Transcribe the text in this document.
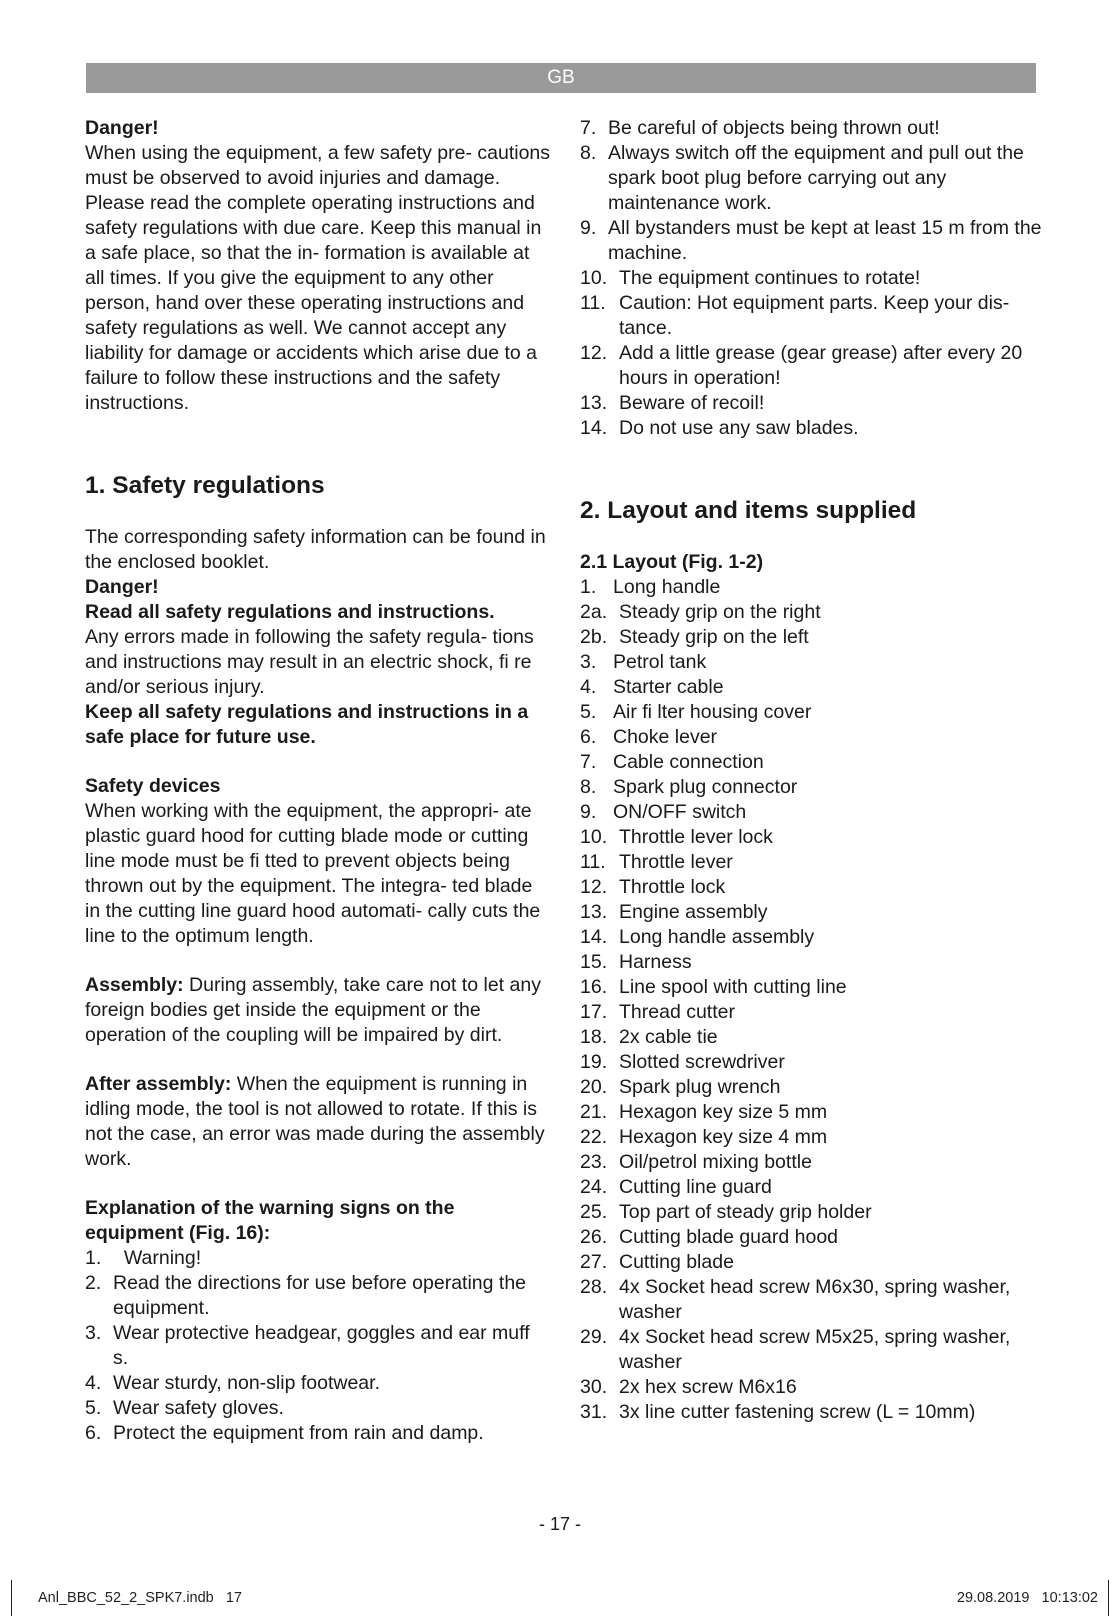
GB

Danger!

When using the equipment, a few safety pre- cautions must be observed to avoid injuries and damage. Please read the complete operating instructions and safety regulations with due care. Keep this manual in a safe place, so that the in- formation is available at all times. If you give the equipment to any other person, hand over these operating instructions and safety regulations as well. We cannot accept any liability for damage or accidents which arise due to a failure to follow these instructions and the safety instructions.

1. Safety regulations

The corresponding safety information can be found in the enclosed booklet.

Danger!

Read all safety regulations and instructions.

Any errors made in following the safety regula- tions and instructions may result in an electric shock, fi re and/or serious injury.

Keep all safety regulations and instructions in a safe place for future use.

Safety devices

When working with the equipment, the appropri- ate plastic guard hood for cutting blade mode or cutting line mode must be fi tted to prevent objects being thrown out by the equipment. The integra- ted blade in the cutting line guard hood automati- cally cuts the line to the optimum length.

Assembly: During assembly, take care not to let any foreign bodies get inside the equipment or the operation of the coupling will be impaired by dirt.

After assembly: When the equipment is running in idling mode, the tool is not allowed to rotate. If this is not the case, an error was made during the assembly work.

Explanation of the warning signs on the equipment (Fig. 16):

1. Warning!
2. Read the directions for use before operating the equipment.
3. Wear protective headgear, goggles and ear muff s.
4. Wear sturdy, non-slip footwear.
5. Wear safety gloves.
6. Protect the equipment from rain and damp.
7. Be careful of objects being thrown out!
8. Always switch off the equipment and pull out the spark boot plug before carrying out any maintenance work.
9. All bystanders must be kept at least 15 m from the machine.
10. The equipment continues to rotate!
11. Caution: Hot equipment parts. Keep your dis- tance.
12. Add a little grease (gear grease) after every 20 hours in operation!
13. Beware of recoil!
14. Do not use any saw blades.

2. Layout and items supplied

2.1 Layout (Fig. 1-2)

1. Long handle
2a. Steady grip on the right
2b. Steady grip on the left
3. Petrol tank
4. Starter cable
5. Air fi lter housing cover
6. Choke lever
7. Cable connection
8. Spark plug connector
9. ON/OFF switch
10. Throttle lever lock
11. Throttle lever
12. Throttle lock
13. Engine assembly
14. Long handle assembly
15. Harness
16. Line spool with cutting line
17. Thread cutter
18. 2x cable tie
19. Slotted screwdriver
20. Spark plug wrench
21. Hexagon key size 5 mm
22. Hexagon key size 4 mm
23. Oil/petrol mixing bottle
24. Cutting line guard
25. Top part of steady grip holder
26. Cutting blade guard hood
27. Cutting blade
28. 4x Socket head screw M6x30, spring washer, washer
29. 4x Socket head screw M5x25, spring washer, washer
30. 2x hex screw M6x16
31. 3x line cutter fastening screw (L = 10mm)
- 17 -
Anl_BBC_52_2_SPK7.indb   17	29.08.2019   10:13:02
